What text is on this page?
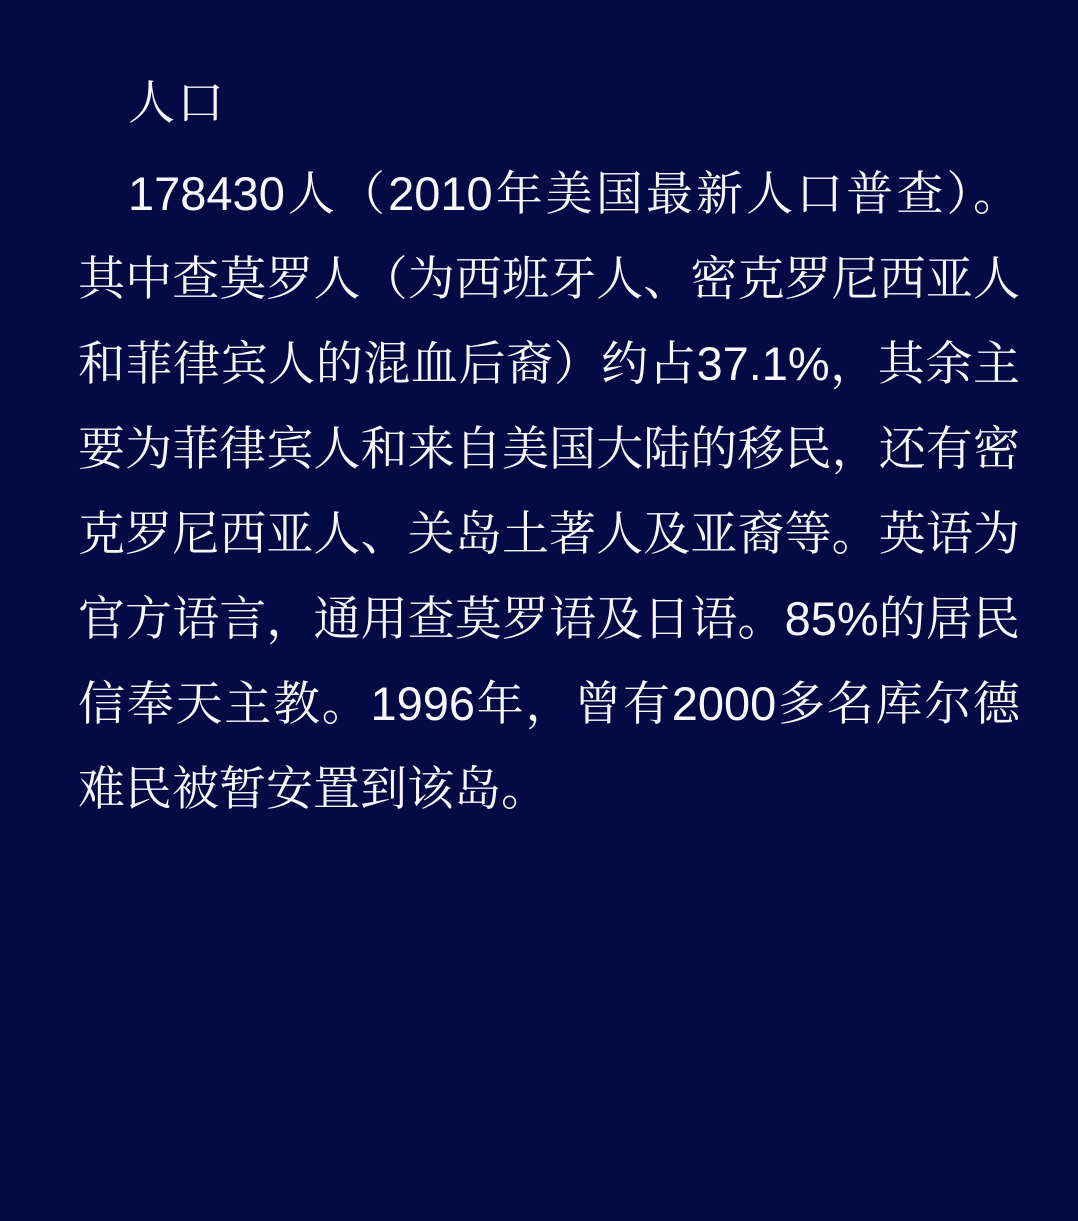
人口

178430人（2010年美国最新人口普查）。

其中查莫罗人（为西班牙人、密克罗尼西亚人

和菲律宾人的混血后裔）约占37.1%，其余主

要为菲律宾人和来自美国大陆的移民，还有密

克罗尼西亚人、关岛土著人及亚裔等。英语为

官方语言，通用查莫罗语及日语。85%的居民

信奉天主教。1996年，曾有2000多名库尔德

难民被暂安置到该岛。
